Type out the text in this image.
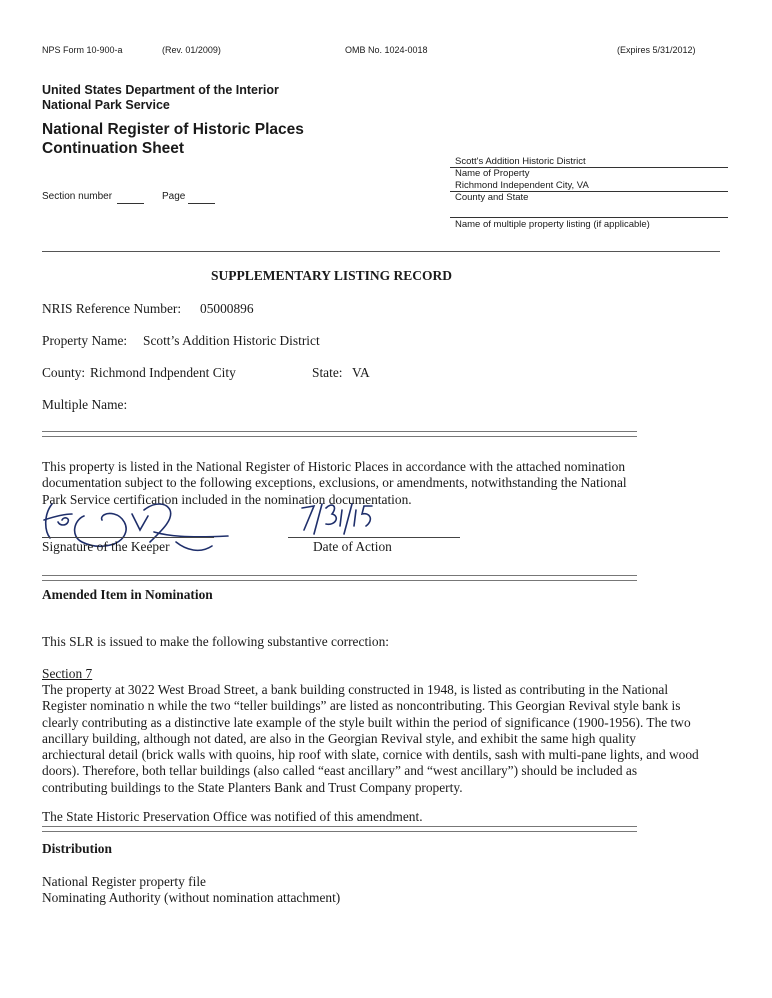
NPS Form 10-900-a	(Rev. 01/2009)	OMB No. 1024-0018	(Expires 5/31/2012)
United States Department of the Interior
National Park Service
National Register of Historic Places
Continuation Sheet
Scott's Addition Historic District
Name of Property
Richmond Independent City, VA
County and State
Name of multiple property listing (if applicable)
Section number	Page
SUPPLEMENTARY LISTING RECORD
NRIS Reference Number: 05000896
Property Name: Scott’s Addition Historic District
County: Richmond Indpendent City	State: VA
Multiple Name:
This property is listed in the National Register of Historic Places in accordance with the attached nomination
documentation subject to the following exceptions, exclusions, or amendments, notwithstanding the National
Park Service certification included in the nomination documentation.
Signature of the Keeper	Date of Action
Amended Item in Nomination
This SLR is issued to make the following substantive correction:
Section 7
The property at 3022 West Broad Street, a bank building constructed in 1948, is listed as contributing in the National
Register nominatio n while the two “teller buildings” are listed as noncontributing. This Georgian Revival style bank is
clearly contributing as a distinctive late example of the style built within the period of significance (1900-1956). The two
ancillary building, although not dated, are also in the Georgian Revival style, and exhibit the same high quality
archiectural detail (brick walls with quoins, hip roof with slate, cornice with dentils, sash with multi-pane lights, and wood
doors). Therefore, both tellar buildings (also called “east ancillary” and “west ancillary”) should be included as
contributing buildings to the State Planters Bank and Trust Company property.
The State Historic Preservation Office was notified of this amendment.
Distribution
National Register property file
Nominating Authority (without nomination attachment)
